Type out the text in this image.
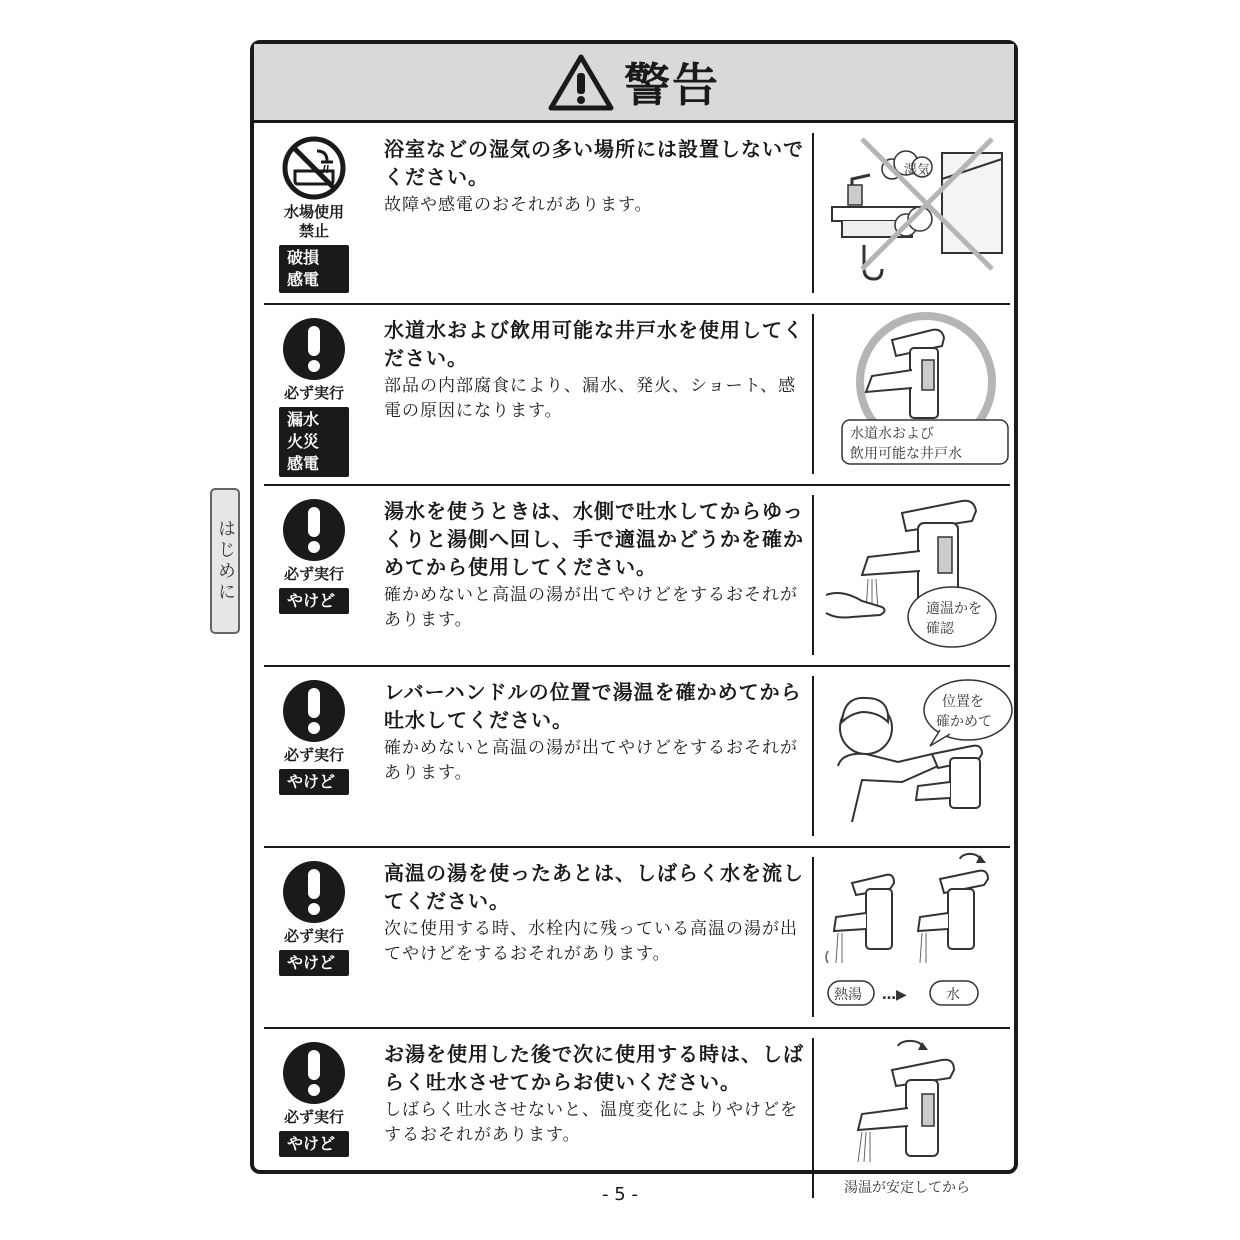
警告
水場使用
禁止
破損
感電
浴室などの湿気の多い場所には設置しないでください。
故障や感電のおそれがあります。
湿気
必ず実行
漏水
火災
感電
水道水および飲用可能な井戸水を使用してください。
部品の内部腐食により、漏水、発火、ショート、感電の原因になります。
水道水および
飲用可能な井戸水
必ず実行
やけど
湯水を使うときは、水側で吐水してからゆっくりと湯側へ回し、手で適温かどうかを確かめてから使用してください。
確かめないと高温の湯が出てやけどをするおそれがあります。
適温かを
確認
必ず実行
やけど
レバーハンドルの位置で湯温を確かめてから吐水してください。
確かめないと高温の湯が出てやけどをするおそれがあります。
位置を
確かめて
必ず実行
やけど
高温の湯を使ったあとは、しばらく水を流してください。
次に使用する時、水栓内に残っている高温の湯が出てやけどをするおそれがあります。
熱湯 …▶	水
必ず実行
やけど
お湯を使用した後で次に使用する時は、しばらく吐水させてからお使いください。
しばらく吐水させないと、温度変化によりやけどをするおそれがあります。
湯温が安定してから
はじめに
- 5 -
